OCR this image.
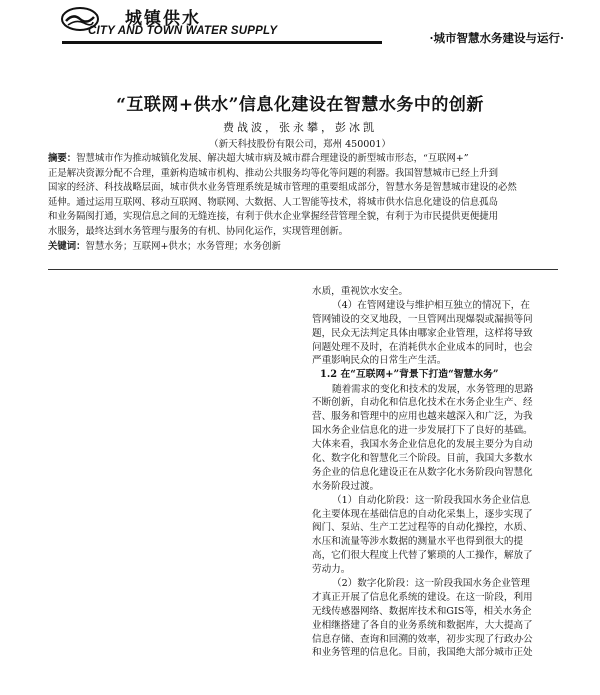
城镇供水
CITY AND TOWN WATER SUPPLY	·城市智慧水务建设与运行·
“互联网+供水”信息化建设在智慧水务中的创新
费战波，张永攀，彭冰凯
（新天科技股份有限公司，郑州 450001）
摘要：智慧城市作为推动城镇化发展、解决超大城市病及城市群合理建设的新型城市形态，“互联网+”
正是解决资源分配不合理，重新构造城市机构、推动公共服务均等化等问题的利器。我国智慧城市已经上升到
国家的经济、科技战略层面，城市供水业务管理系统是城市管理的重要组成部分，智慧水务是智慧城市建设的必然
延伸。通过运用互联网、移动互联网、物联网、大数据、人工智能等技术，将城市供水信息化建设的信息孤岛
和业务隔阂打通，实现信息之间的无缝连接，有利于供水企业掌握经营管理全貌，有利于为市民提供更便捷用
水服务，最终达到水务管理与服务的有机、协同化运作，实现管理创新。
关键词：智慧水务；互联网+供水；水务管理；水务创新
水质，重视饮水安全。
（4）在管网建设与维护相互独立的情况下，在
管网铺设的交叉地段，一旦管网出现爆裂或漏损等问
题，民众无法判定具体由哪家企业管理，这样将导致
问题处理不及时，在消耗供水企业成本的同时，也会
严重影响民众的日常生产生活。
1.2 在“互联网+”背景下打造“智慧水务”
随着需求的变化和技术的发展，水务管理的思路
不断创新，自动化和信息化技术在水务企业生产、经
营、服务和管理中的应用也越来越深入和广泛，为我
国水务企业信息化的进一步发展打下了良好的基础。
大体来看，我国水务企业信息化的发展主要分为自动
化、数字化和智慧化三个阶段。目前，我国大多数水
务企业的信息化建设正在从数字化水务阶段向智慧化
水务阶段过渡。
（1）自动化阶段：这一阶段我国水务企业信息
化主要体现在基础信息的自动化采集上，逐步实现了
阀门、泵站、生产工艺过程等的自动化操控，水质、
水压和流量等涉水数据的测量水平也得到很大的提
高，它们很大程度上代替了繁琐的人工操作，解放了
劳动力。
（2）数字化阶段：这一阶段我国水务企业管理
才真正开展了信息化系统的建设。在这一阶段，利用
无线传感器网络、数据库技术和GIS等，相关水务企
业相继搭建了各自的业务系统和数据库，大大提高了
信息存储、查询和回溯的效率，初步实现了行政办公
和业务管理的信息化。目前，我国绝大部分城市正处
